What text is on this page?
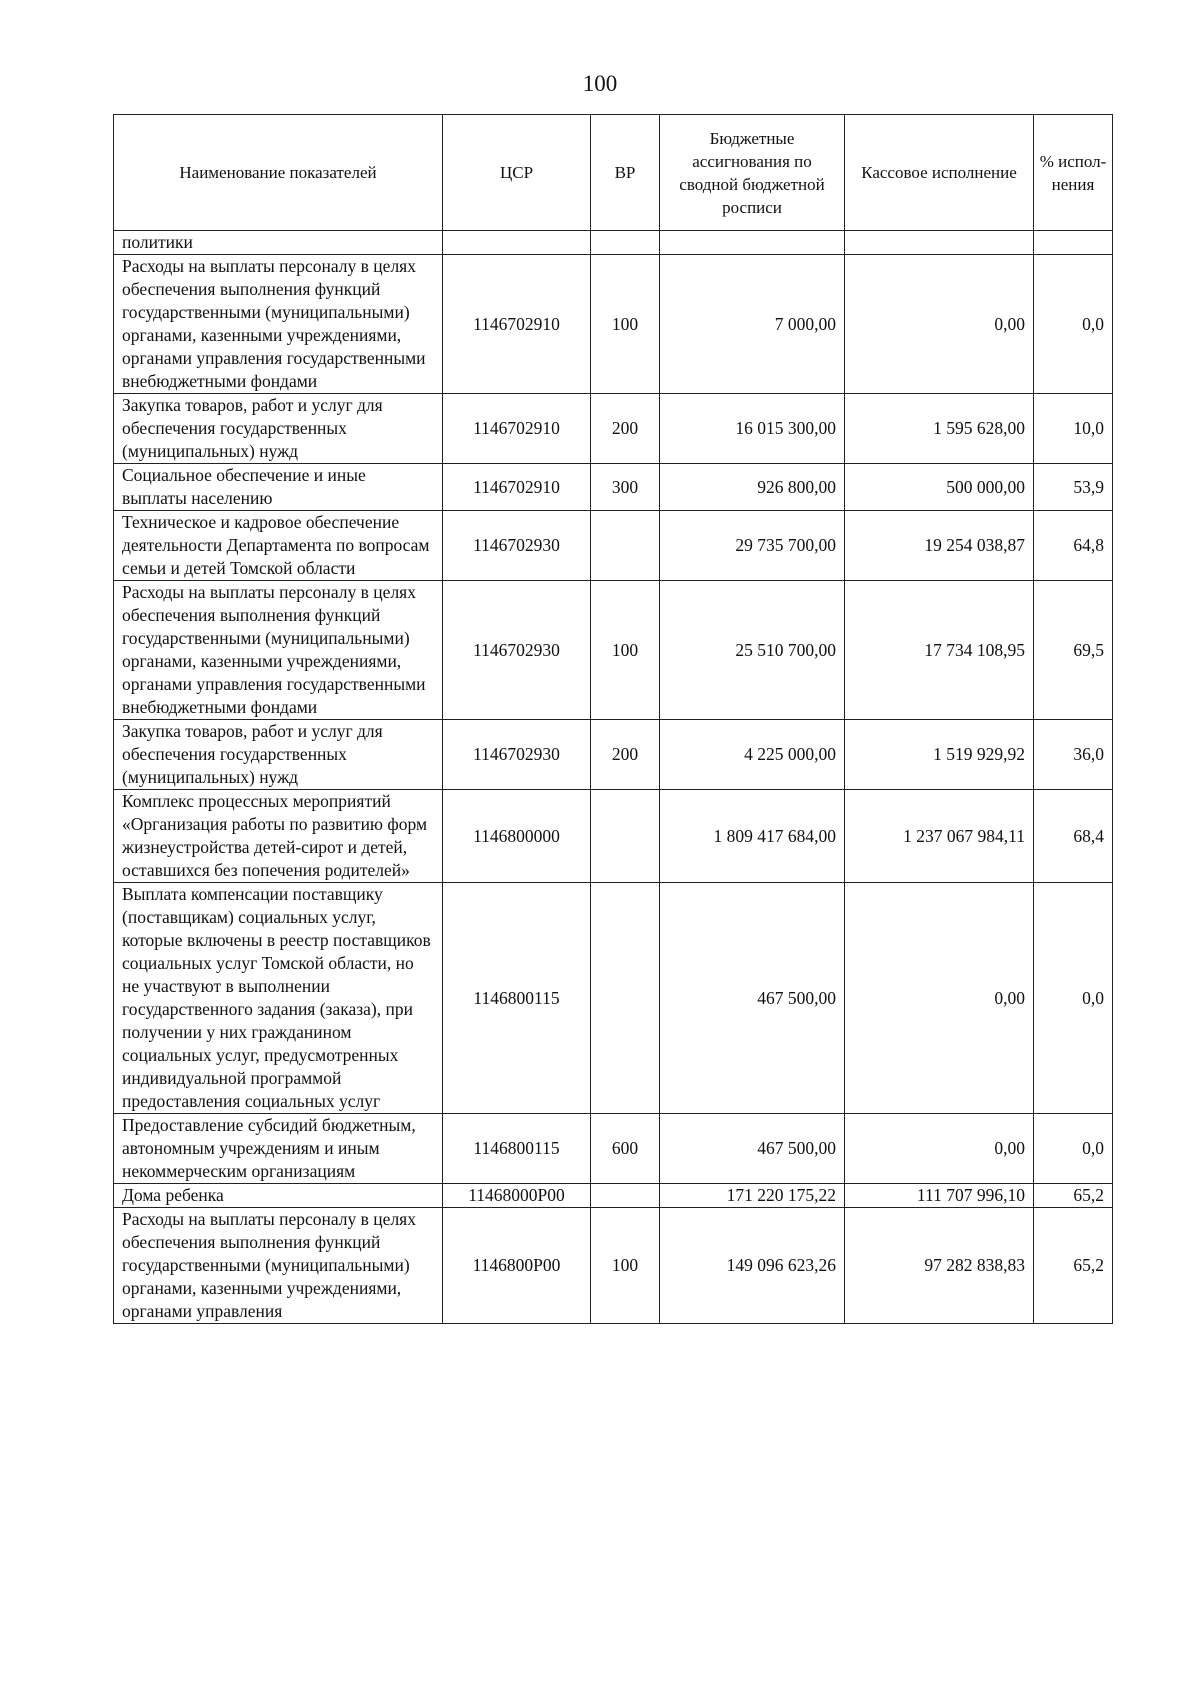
100
Наименование показателей	ЦСР	ВР	Бюджетные ассигнования по сводной бюджетной росписи	Кассовое исполнение	% испол-нения
политики					
Расходы на выплаты персоналу в целях обеспечения выполнения функций государственными (муниципальными) органами, казенными учреждениями, органами управления государственными внебюджетными фондами	1146702910	100	7 000,00	0,00	0,0
Закупка товаров, работ и услуг для обеспечения государственных (муниципальных) нужд	1146702910	200	16 015 300,00	1 595 628,00	10,0
Социальное обеспечение и иные выплаты населению	1146702910	300	926 800,00	500 000,00	53,9
Техническое и кадровое обеспечение деятельности Департамента по вопросам семьи и детей Томской области	1146702930		29 735 700,00	19 254 038,87	64,8
Расходы на выплаты персоналу в целях обеспечения выполнения функций государственными (муниципальными) органами, казенными учреждениями, органами управления государственными внебюджетными фондами	1146702930	100	25 510 700,00	17 734 108,95	69,5
Закупка товаров, работ и услуг для обеспечения государственных (муниципальных) нужд	1146702930	200	4 225 000,00	1 519 929,92	36,0
Комплекс процессных мероприятий «Организация работы по развитию форм жизнеустройства детей-сирот и детей, оставшихся без попечения родителей»	1146800000		1 809 417 684,00	1 237 067 984,11	68,4
Выплата компенсации поставщику (поставщикам) социальных услуг, которые включены в реестр поставщиков социальных услуг Томской области, но не участвуют в выполнении государственного задания (заказа), при получении у них гражданином социальных услуг, предусмотренных индивидуальной программой предоставления социальных услуг	1146800115		467 500,00	0,00	0,0
Предоставление субсидий бюджетным, автономным учреждениям и иным некоммерческим организациям	1146800115	600	467 500,00	0,00	0,0
Дома ребенка	11468000Р00		171 220 175,22	111 707 996,10	65,2
Расходы на выплаты персоналу в целях обеспечения выполнения функций государственными (муниципальными) органами, казенными учреждениями, органами управления	1146800Р00	100	149 096 623,26	97 282 838,83	65,2
